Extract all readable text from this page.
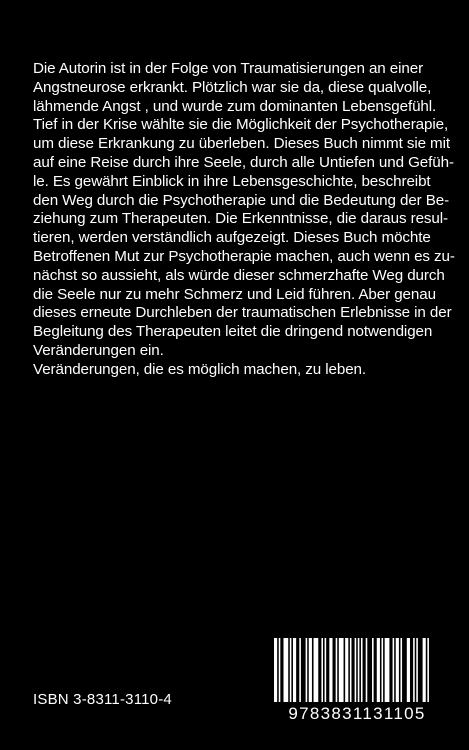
Die Autorin ist in der Folge von Traumatisierungen an einer
Angstneurose erkrankt. Plötzlich war sie da, diese qualvolle,
lähmende Angst , und wurde zum dominanten Lebensgefühl.
Tief in der Krise wählte sie die Möglichkeit der Psychotherapie,
um diese Erkrankung zu überleben. Dieses Buch nimmt sie mit
auf eine Reise durch ihre Seele, durch alle Untiefen und Gefüh-
le. Es gewährt Einblick in ihre Lebensgeschichte, beschreibt
den Weg durch die Psychotherapie und die Bedeutung der Be-
ziehung zum Therapeuten. Die Erkenntnisse, die daraus resul-
tieren, werden verständlich aufgezeigt. Dieses Buch möchte
Betroffenen Mut zur Psychotherapie machen, auch wenn es zu-
nächst so aussieht, als würde dieser schmerzhafte Weg durch
die Seele nur zu mehr Schmerz und Leid führen. Aber genau
dieses erneute Durchleben der traumatischen Erlebnisse in der
Begleitung des Therapeuten leitet die dringend notwendigen
Veränderungen ein.
Veränderungen, die es möglich machen, zu leben.
ISBN 3-8311-3110-4
9783831131105
